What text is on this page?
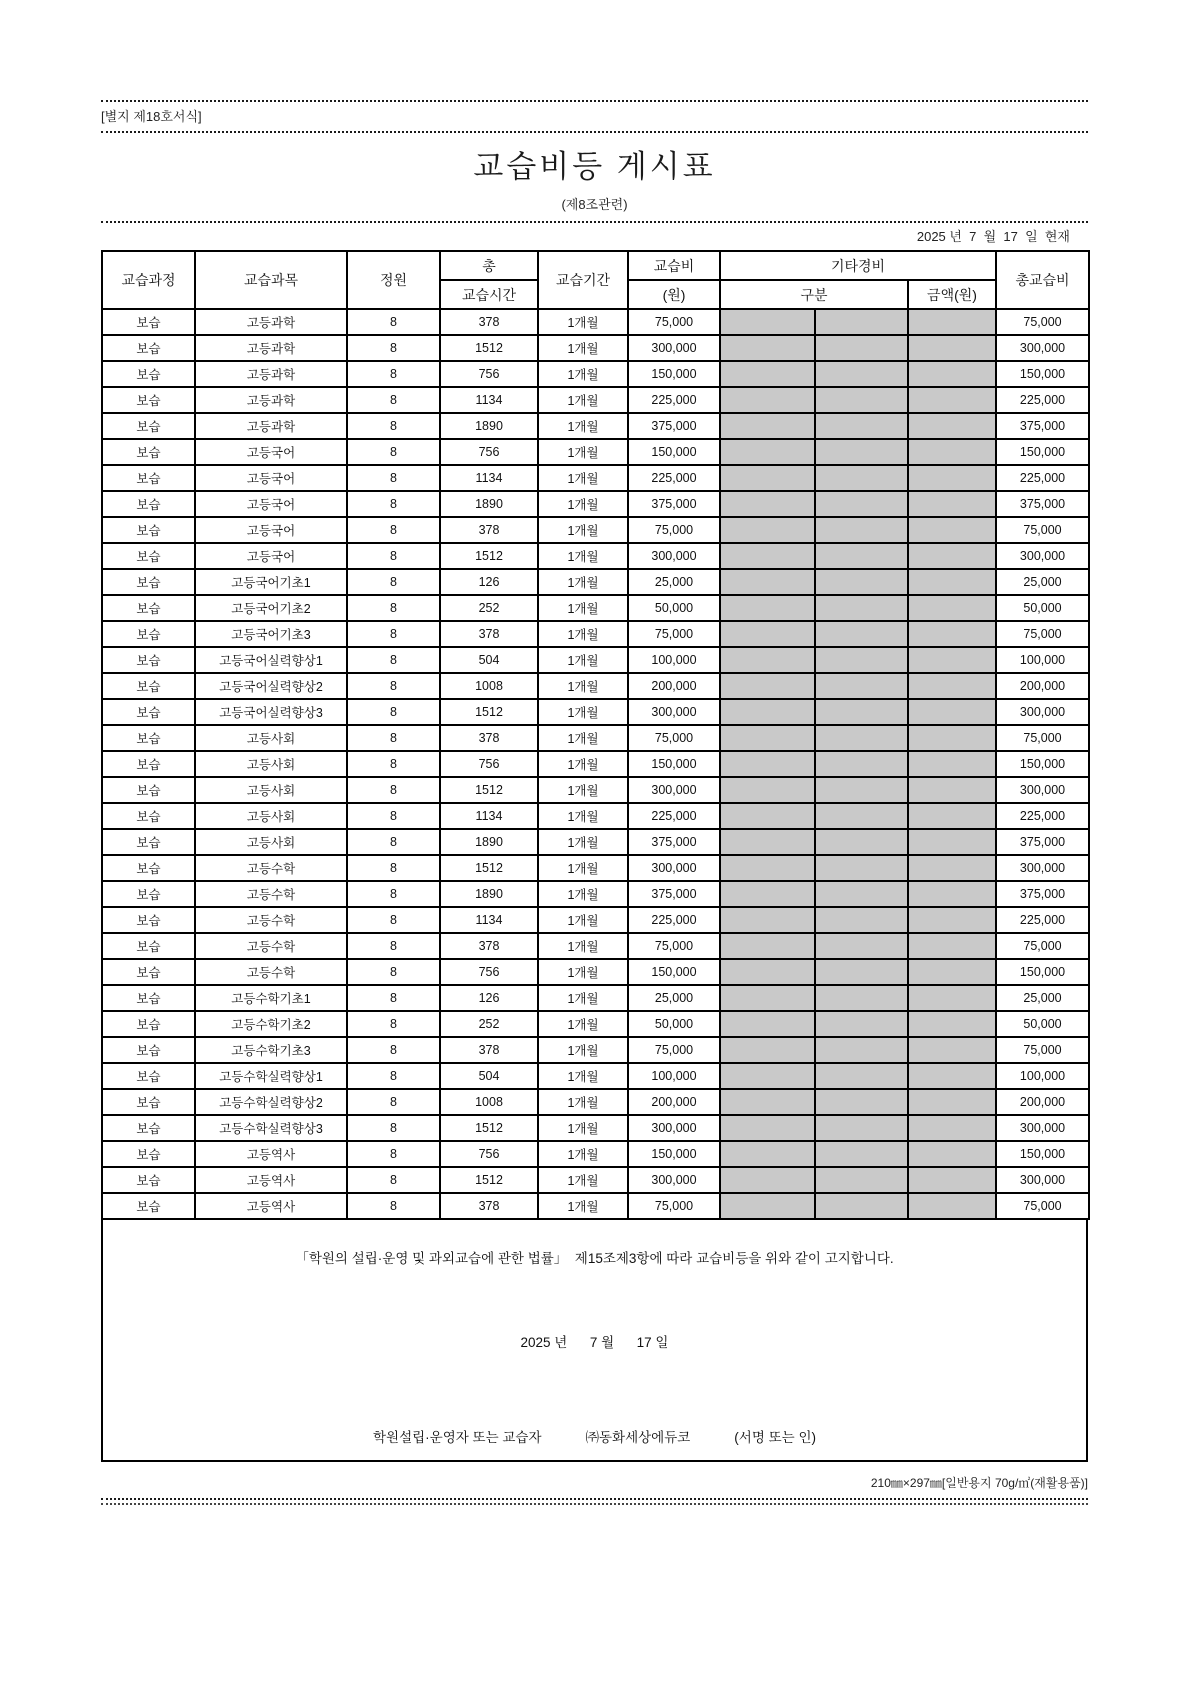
[별지 제18호서식]
교습비등 게시표
(제8조관련)
2025 년  7  월  17  일  현재
교습과정	교습과목	정원	총	교습기간	교습비	기타경비			총교습비
			교습시간		(원)	구분		금액(원)	
보습	고등과학	8	378	1개월	75,000				75,000
보습	고등과학	8	1512	1개월	300,000				300,000
보습	고등과학	8	756	1개월	150,000				150,000
보습	고등과학	8	1134	1개월	225,000				225,000
보습	고등과학	8	1890	1개월	375,000				375,000
보습	고등국어	8	756	1개월	150,000				150,000
보습	고등국어	8	1134	1개월	225,000				225,000
보습	고등국어	8	1890	1개월	375,000				375,000
보습	고등국어	8	378	1개월	75,000				75,000
보습	고등국어	8	1512	1개월	300,000				300,000
보습	고등국어기초1	8	126	1개월	25,000				25,000
보습	고등국어기초2	8	252	1개월	50,000				50,000
보습	고등국어기초3	8	378	1개월	75,000				75,000
보습	고등국어실력향상1	8	504	1개월	100,000				100,000
보습	고등국어실력향상2	8	1008	1개월	200,000				200,000
보습	고등국어실력향상3	8	1512	1개월	300,000				300,000
보습	고등사회	8	378	1개월	75,000				75,000
보습	고등사회	8	756	1개월	150,000				150,000
보습	고등사회	8	1512	1개월	300,000				300,000
보습	고등사회	8	1134	1개월	225,000				225,000
보습	고등사회	8	1890	1개월	375,000				375,000
보습	고등수학	8	1512	1개월	300,000				300,000
보습	고등수학	8	1890	1개월	375,000				375,000
보습	고등수학	8	1134	1개월	225,000				225,000
보습	고등수학	8	378	1개월	75,000				75,000
보습	고등수학	8	756	1개월	150,000				150,000
보습	고등수학기초1	8	126	1개월	25,000				25,000
보습	고등수학기초2	8	252	1개월	50,000				50,000
보습	고등수학기초3	8	378	1개월	75,000				75,000
보습	고등수학실력향상1	8	504	1개월	100,000				100,000
보습	고등수학실력향상2	8	1008	1개월	200,000				200,000
보습	고등수학실력향상3	8	1512	1개월	300,000				300,000
보습	고등역사	8	756	1개월	150,000				150,000
보습	고등역사	8	1512	1개월	300,000				300,000
보습	고등역사	8	378	1개월	75,000				75,000

「학원의 설립·운영 및 과외교습에 관한 법률」  제15조제3항에 따라 교습비등을 위와 같이 고지합니다.

2025 년      7 월      17 일
학원설립·운영자 또는 교습자	㈜동화세상에듀코	(서명 또는 인)
210㎜×297㎜[일반용지 70g/㎡(재활용품)]
